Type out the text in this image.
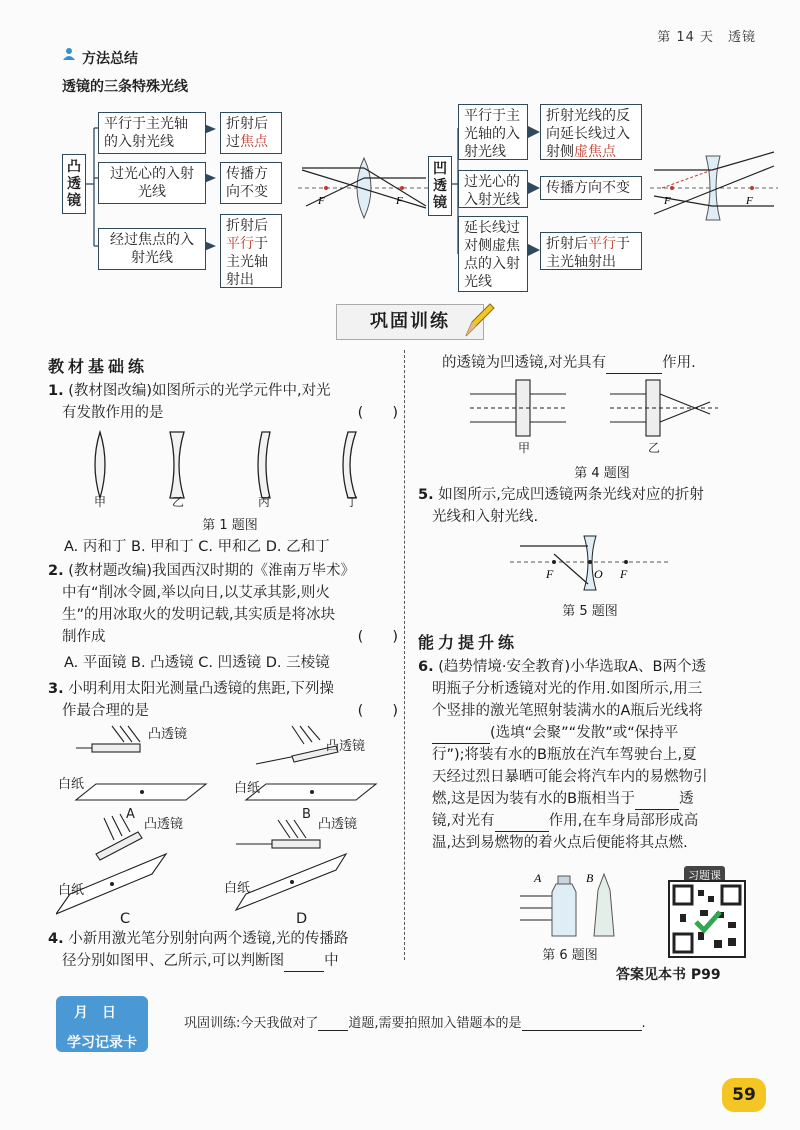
第 14 天　透镜
方法总结
透镜的三条特殊光线
凸透镜
平行于主光轴的入射光线
过光心的入射光线
经过焦点的入射光线
折射后过焦点
传播方向不变
折射后平行于主光轴射出
F	F
凹透镜
平行于主光轴的入射光线
过光心的入射光线
延长线过对侧虚焦点的入射光线
折射光线的反向延长线过入射侧虚焦点
传播方向不变
折射后平行于主光轴射出
F	F
巩固训练
教材基础练
1. (教材图改编)如图所示的光学元件中,对光
有发散作用的是	(　　)
甲	乙	丙	丁
第 1 题图
A. 丙和丁 B. 甲和丁 C. 甲和乙 D. 乙和丁
2. (教材题改编)我国西汉时期的《淮南万毕术》
中有“削冰令圆,举以向日,以艾承其影,则火
生”的用冰取火的发明记载,其实质是将冰块
制作成	(　　)
A. 平面镜 B. 凸透镜 C. 凹透镜 D. 三棱镜
3. 小明利用太阳光测量凸透镜的焦距,下列操
作最合理的是	(　　)
凸透镜
凸透镜
凸透镜	凸透镜
白纸	白纸
白纸	白纸
A	B
C	D
4. 小新用激光笔分别射向两个透镜,光的传播路
径分别如图甲、乙所示,可以判断图	中
的透镜为凹透镜,对光具有	作用.
甲	乙
第 4 题图
5. 如图所示,完成凹透镜两条光线对应的折射
光线和入射光线.
F	O F
第 5 题图
能力提升练
6. (趋势情境·安全教育)小华选取A、B两个透
明瓶子分析透镜对光的作用.如图所示,用三
个竖排的激光笔照射装满水的A瓶后光线将
(选填“会聚”“发散”或“保持平
行”);将装有水的B瓶放在汽车驾驶台上,夏
天经过烈日暴晒可能会将汽车内的易燃物引
燃,这是因为装有水的B瓶相当于	透
镜,对光有	作用,在车身局部形成高
温,达到易燃物的着火点后便能将其点燃.
A	B
第 6 题图
习题课
答案见本书 P99
月日
学习记录卡
巩固训练:今天我做对了 道题,需要拍照加入错题本的是	.
59
